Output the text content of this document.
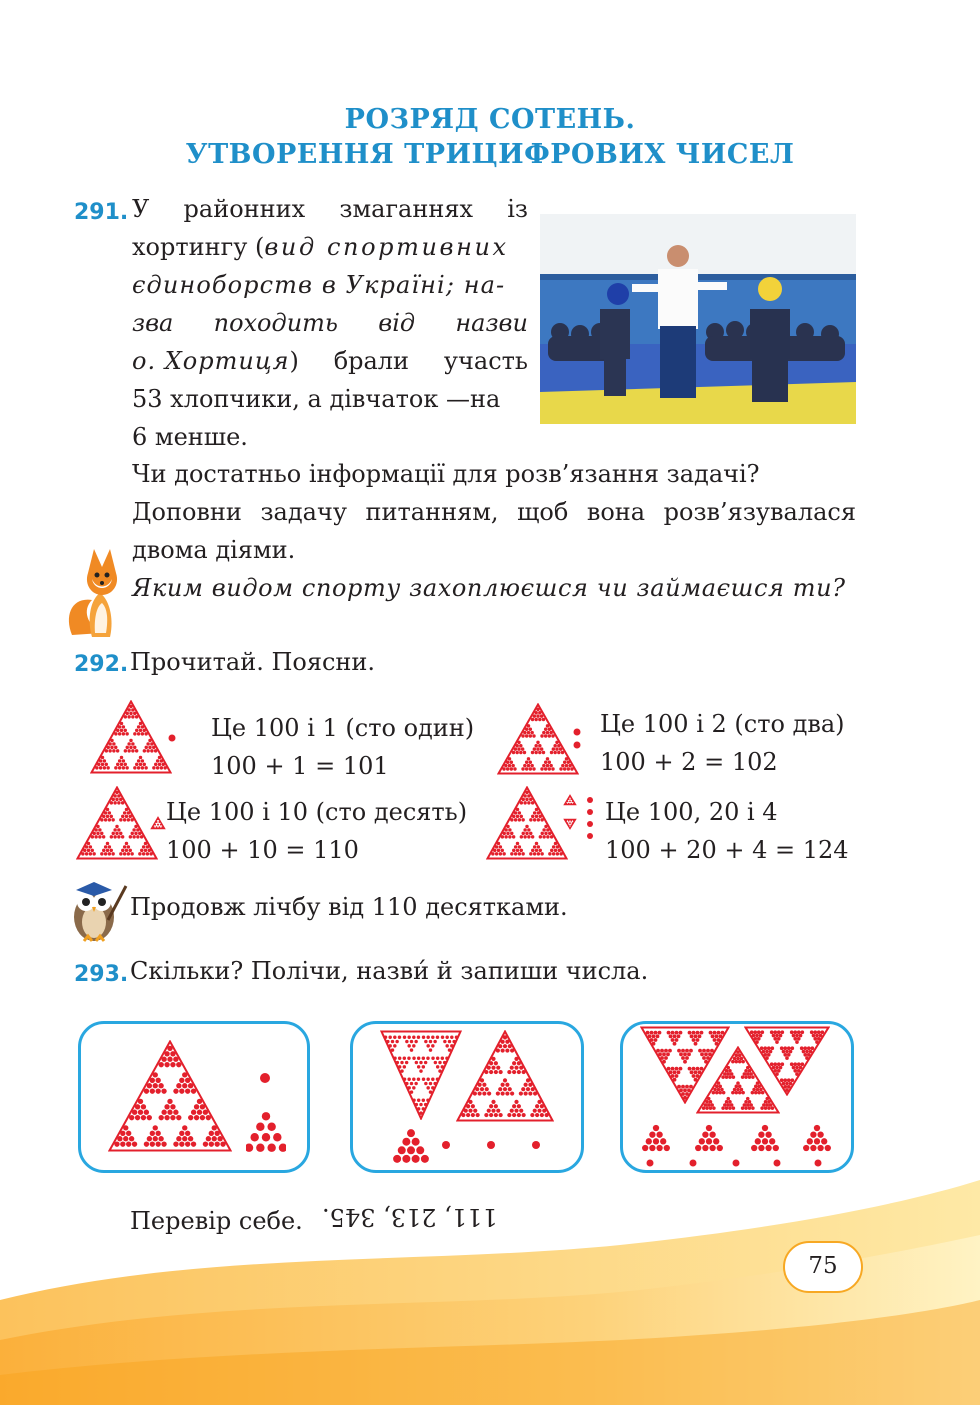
РОЗРЯД СОТЕНЬ.
УТВОРЕННЯ ТРИЦИФРОВИХ ЧИСЕЛ
291. У районних змаганнях із
хортингу (вид спортивних
єдиноборств в Україні; на-
зва походить від назви
о. Хортиця) брали участь
53 хлопчики, а дівчаток —на
6 менше.
Чи достатньо інформації для розв’язання задачі?
Доповни задачу питанням, щоб вона розв’язувалася
двома діями.
Яким видом спорту захоплюєшся чи займаєшся ти?
292. Прочитай. Поясни.
Це 100 і 1 (сто один)
100 + 1 = 101
Це 100 і 2 (сто два)
100 + 2 = 102
Це 100 і 10 (сто десять)
100 + 10 = 110
Це 100, 20 і 4
100 + 20 + 4 = 124
Продовж лічбу від 110 десятками.
293. Скільки? Полічи, назви́ й запиши числа.
Перевір себе. 111, 213, 345.
75
